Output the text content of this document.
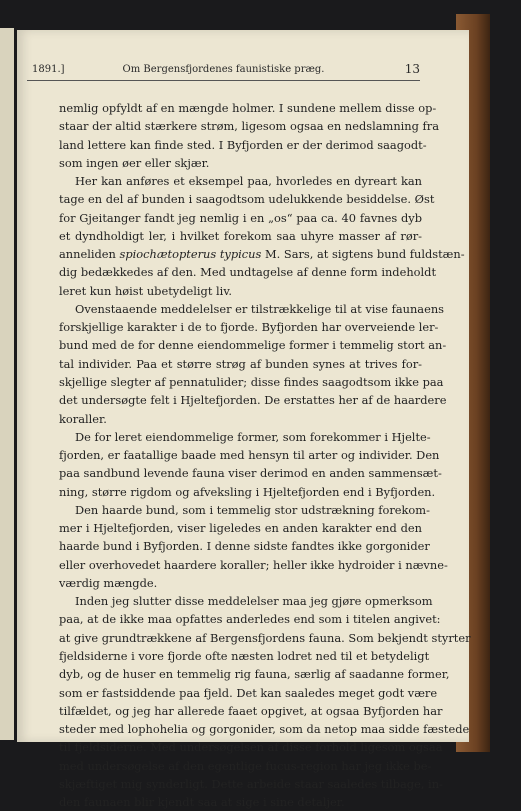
1891.]	Om Bergensfjordenes faunistiske præg.	13
nemlig opfyldt af en mængde holmer. I sundene mellem disse op-
staar der altid stærkere strøm, ligesom ogsaa en nedslamning fra
land lettere kan finde sted. I Byfjorden er der derimod saagodt-
som ingen øer eller skjær.
Her kan anføres et eksempel paa, hvorledes en dyreart kan
tage en del af bunden i saagodtsom udelukkende besiddelse. Øst
for Gjeitanger fandt jeg nemlig i en „os“ paa ca. 40 favnes dyb
et dyndholdigt ler, i hvilket forekom saa uhyre masser af rør-
anneliden spiochætopterus typicus M. Sars, at sigtens bund fuldstæn-
dig bedækkedes af den. Med undtagelse af denne form indeholdt
leret kun høist ubetydeligt liv.
Ovenstaaende meddelelser er tilstrækkelige til at vise faunaens
forskjellige karakter i de to fjorde. Byfjorden har overveiende ler-
bund med de for denne eiendommelige former i temmelig stort an-
tal individer. Paa et større strøg af bunden synes at trives for-
skjellige slegter af pennatulider; disse findes saagodtsom ikke paa
det undersøgte felt i Hjeltefjorden. De erstattes her af de haardere
koraller.
De for leret eiendommelige former, som forekommer i Hjelte-
fjorden, er faatallige baade med hensyn til arter og individer. Den
paa sandbund levende fauna viser derimod en anden sammensæt-
ning, større rigdom og afveksling i Hjeltefjorden end i Byfjorden.
Den haarde bund, som i temmelig stor udstrækning forekom-
mer i Hjeltefjorden, viser ligeledes en anden karakter end den
haarde bund i Byfjorden. I denne sidste fandtes ikke gorgonider
eller overhovedet haardere koraller; heller ikke hydroider i nævne-
værdig mængde.
Inden jeg slutter disse meddelelser maa jeg gjøre opmerksom
paa, at de ikke maa opfattes anderledes end som i titelen angivet:
at give grundtrækkene af Bergensfjordens fauna. Som bekjendt styrter
fjeldsiderne i vore fjorde ofte næsten lodret ned til et betydeligt
dyb, og de huser en temmelig rig fauna, særlig af saadanne former,
som er fastsiddende paa fjeld. Det kan saaledes meget godt være
tilfældet, og jeg har allerede faaet opgivet, at ogsaa Byfjorden har
steder med lophohelia og gorgonider, som da netop maa sidde fæstede
til fjeldsiderne. Med undersøgelsen af disse forhold ligesom ogsaa
med undersøgelse af den egentlige fucus-region har jeg ikke be-
skjæftiget mig synderligt. Dette arbeide staar saaledes tilbage, in-
den faunaen blir kjendt saa at sige i sine detaljer.
